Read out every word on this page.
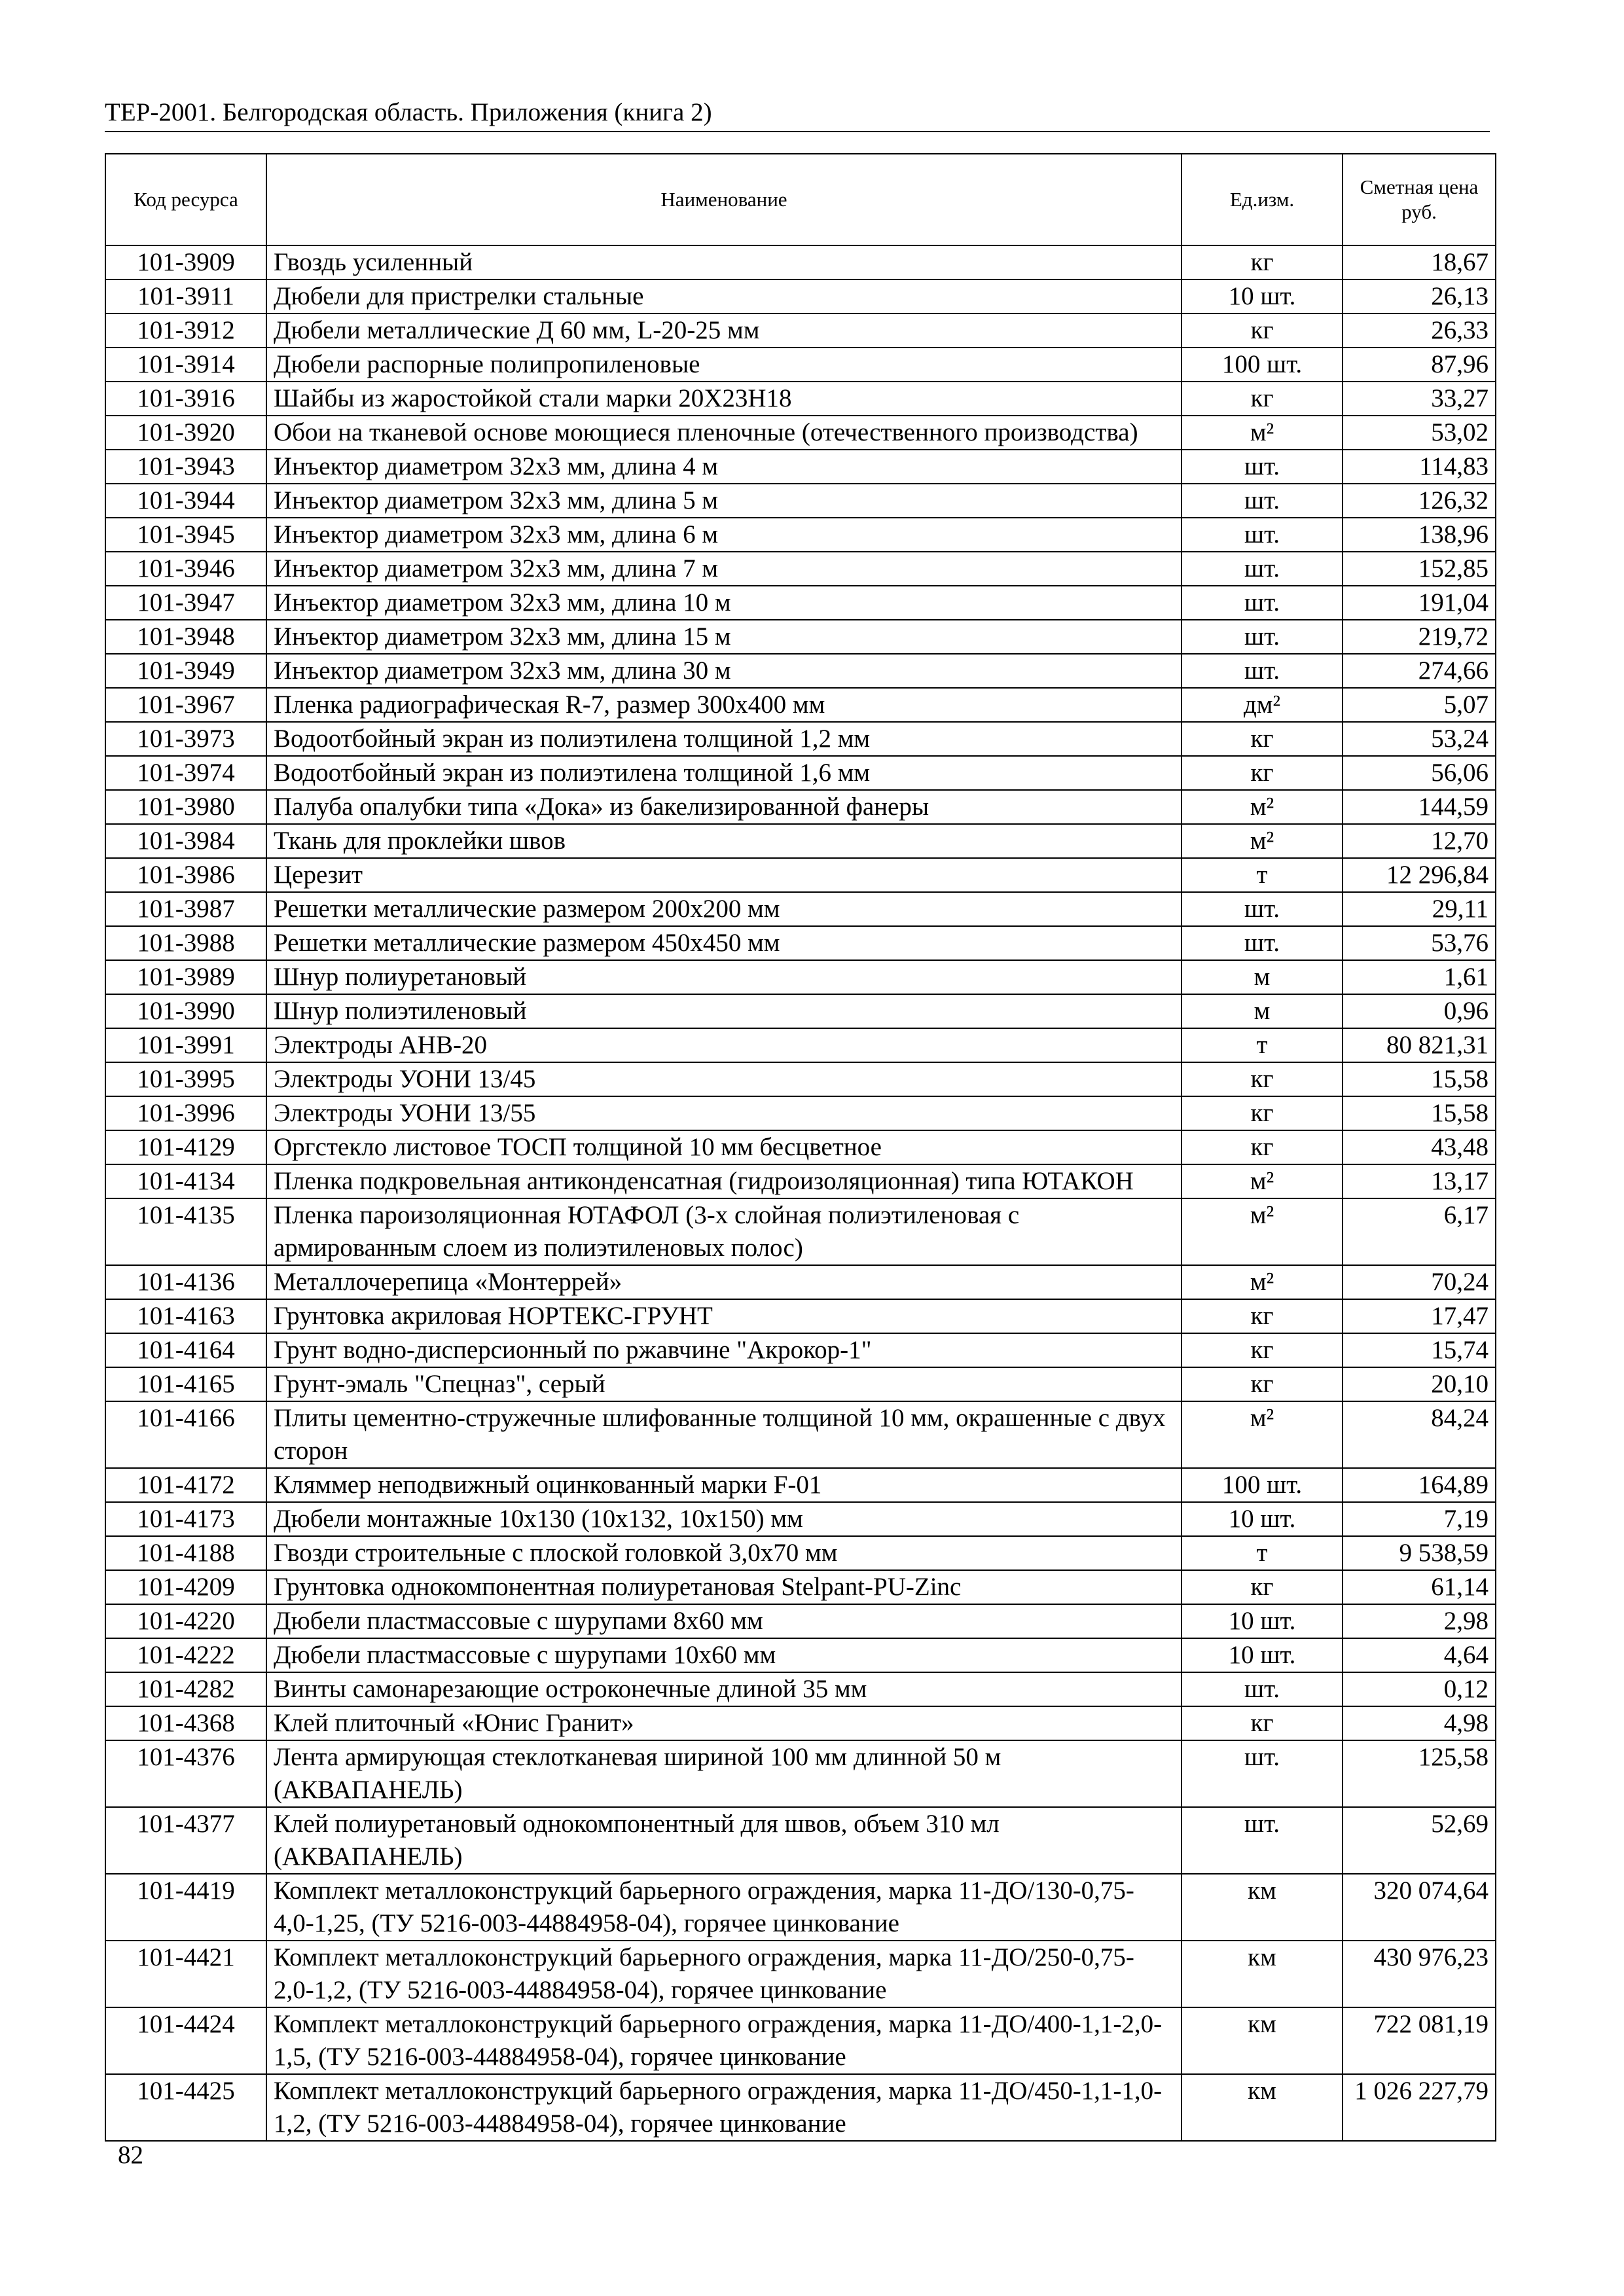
ТЕР-2001. Белгородская область. Приложения (книга 2)
Код ресурса	Наименование	Ед.изм.	Сметная цена руб.
101-3909	Гвоздь усиленный	кг	18,67
101-3911	Дюбели для пристрелки стальные	10 шт.	26,13
101-3912	Дюбели металлические Д 60 мм, L-20-25 мм	кг	26,33
101-3914	Дюбели распорные полипропиленовые	100 шт.	87,96
101-3916	Шайбы из жаростойкой стали марки 20Х23Н18	кг	33,27
101-3920	Обои на тканевой основе моющиеся пленочные (отечественного производства)	м²	53,02
101-3943	Инъектор диаметром 32х3 мм, длина 4 м	шт.	114,83
101-3944	Инъектор диаметром 32х3 мм, длина 5 м	шт.	126,32
101-3945	Инъектор диаметром 32х3 мм, длина 6 м	шт.	138,96
101-3946	Инъектор диаметром 32х3 мм, длина 7 м	шт.	152,85
101-3947	Инъектор диаметром 32х3 мм, длина 10 м	шт.	191,04
101-3948	Инъектор диаметром 32х3 мм, длина 15 м	шт.	219,72
101-3949	Инъектор диаметром 32х3 мм, длина 30 м	шт.	274,66
101-3967	Пленка радиографическая R-7, размер 300х400 мм	дм²	5,07
101-3973	Водоотбойный экран из полиэтилена толщиной 1,2 мм	кг	53,24
101-3974	Водоотбойный экран из полиэтилена толщиной 1,6 мм	кг	56,06
101-3980	Палуба опалубки типа «Дока» из бакелизированной фанеры	м²	144,59
101-3984	Ткань для проклейки швов	м²	12,70
101-3986	Церезит	т	12 296,84
101-3987	Решетки металлические размером 200х200 мм	шт.	29,11
101-3988	Решетки металлические размером 450х450 мм	шт.	53,76
101-3989	Шнур полиуретановый	м	1,61
101-3990	Шнур полиэтиленовый	м	0,96
101-3991	Электроды АНВ-20	т	80 821,31
101-3995	Электроды УОНИ 13/45	кг	15,58
101-3996	Электроды УОНИ 13/55	кг	15,58
101-4129	Оргстекло листовое ТОСП толщиной 10 мм бесцветное	кг	43,48
101-4134	Пленка подкровельная антиконденсатная (гидроизоляционная) типа ЮТАКОН	м²	13,17
101-4135	Пленка пароизоляционная ЮТАФОЛ (3-х слойная полиэтиленовая с армированным слоем из полиэтиленовых полос)	м²	6,17
101-4136	Металлочерепица «Монтеррей»	м²	70,24
101-4163	Грунтовка акриловая НОРТЕКС-ГРУНТ	кг	17,47
101-4164	Грунт водно-дисперсионный по ржавчине "Акрокор-1"	кг	15,74
101-4165	Грунт-эмаль "Спецназ", серый	кг	20,10
101-4166	Плиты цементно-стружечные шлифованные толщиной 10 мм, окрашенные с двух сторон	м²	84,24
101-4172	Кляммер неподвижный оцинкованный марки F-01	100 шт.	164,89
101-4173	Дюбели монтажные 10х130 (10х132, 10х150) мм	10 шт.	7,19
101-4188	Гвозди строительные с плоской головкой 3,0х70 мм	т	9 538,59
101-4209	Грунтовка однокомпонентная полиуретановая Stelpant-PU-Zinc	кг	61,14
101-4220	Дюбели пластмассовые с шурупами 8х60 мм	10 шт.	2,98
101-4222	Дюбели пластмассовые с шурупами 10х60 мм	10 шт.	4,64
101-4282	Винты самонарезающие остроконечные длиной 35 мм	шт.	0,12
101-4368	Клей плиточный «Юнис Гранит»	кг	4,98
101-4376	Лента армирующая стеклотканевая шириной 100 мм длинной 50 м (АКВАПАНЕЛЬ)	шт.	125,58
101-4377	Клей полиуретановый однокомпонентный для швов, объем 310 мл (АКВАПАНЕЛЬ)	шт.	52,69
101-4419	Комплект металлоконструкций барьерного ограждения, марка 11-ДО/130-0,75-4,0-1,25, (ТУ 5216-003-44884958-04), горячее цинкование	км	320 074,64
101-4421	Комплект металлоконструкций барьерного ограждения, марка 11-ДО/250-0,75-2,0-1,2, (ТУ 5216-003-44884958-04), горячее цинкование	км	430 976,23
101-4424	Комплект металлоконструкций барьерного ограждения, марка 11-ДО/400-1,1-2,0-1,5, (ТУ 5216-003-44884958-04), горячее цинкование	км	722 081,19
101-4425	Комплект металлоконструкций барьерного ограждения, марка 11-ДО/450-1,1-1,0-1,2, (ТУ 5216-003-44884958-04), горячее цинкование	км	1 026 227,79
82
